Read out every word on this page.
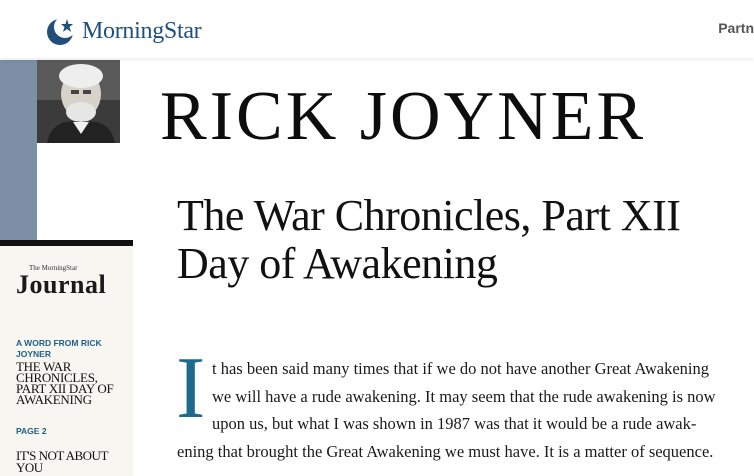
MorningStar	Partn
RICK JOYNER
The War Chronicles, Part XII
Day of Awakening
The MorningStar
Journal
A WORD FROM RICK JOYNER
THE WAR CHRONICLES, PART XII DAY OF AWAKENING
PAGE 2
IT'S NOT ABOUT YOU
I t has been said many times that if we do not have another Great Awakening
we will have a rude awakening. It may seem that the rude awakening is now
upon us, but what I was shown in 1987 was that it would be a rude awak-
ening that brought the Great Awakening we must have. It is a matter of sequence.
